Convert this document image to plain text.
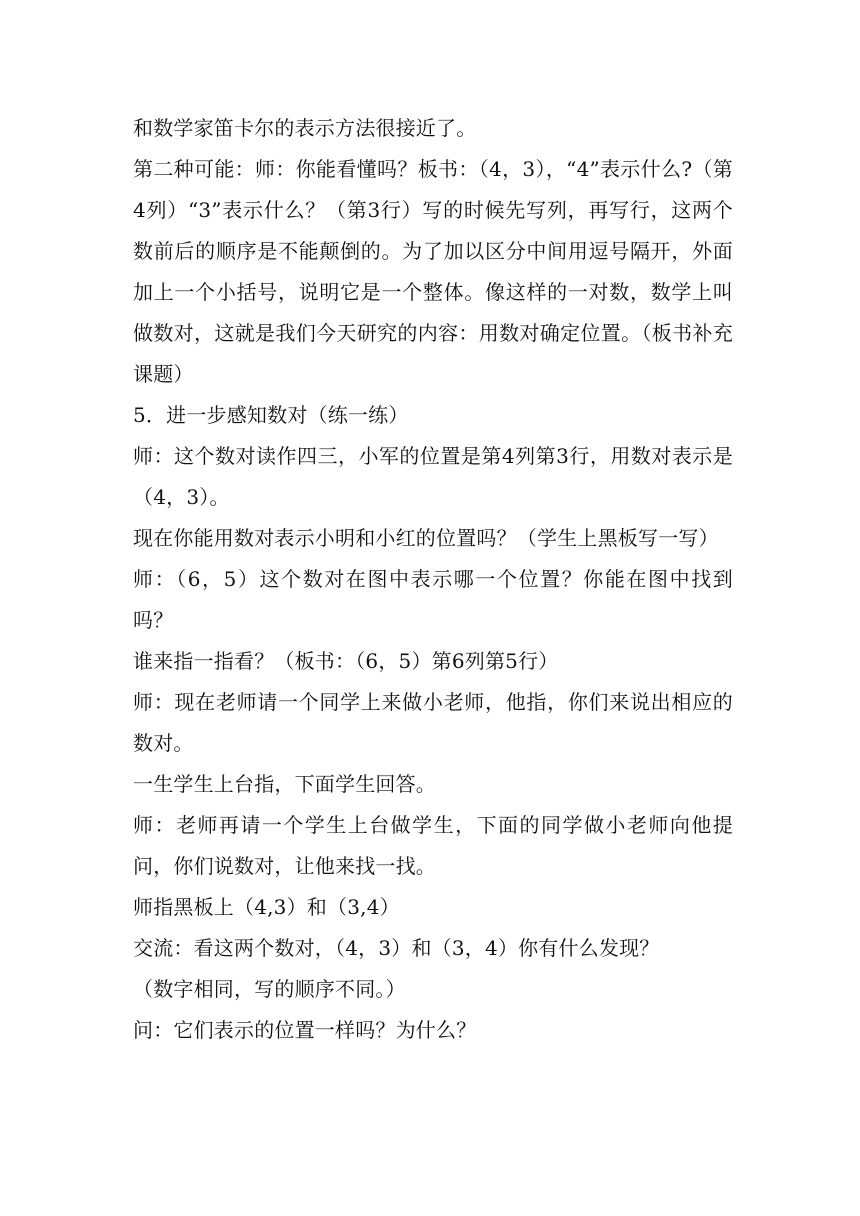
和数学家笛卡尔的表示方法很接近了。

第二种可能：师：你能看懂吗？板书：（4，3），“4”表示什么?（第4列）“3”表示什么？（第3行）写的时候先写列，再写行，这两个数前后的顺序是不能颠倒的。为了加以区分中间用逗号隔开，外面加上一个小括号，说明它是一个整体。像这样的一对数，数学上叫做数对，这就是我们今天研究的内容：用数对确定位置。（板书补充课题）

5．进一步感知数对（练一练）

师：这个数对读作四三，小军的位置是第4列第3行，用数对表示是（4，3）。

现在你能用数对表示小明和小红的位置吗？（学生上黑板写一写）

师：（6，5）这个数对在图中表示哪一个位置？你能在图中找到吗？

谁来指一指看？（板书：（6，5）第6列第5行）

师：现在老师请一个同学上来做小老师，他指，你们来说出相应的数对。

一生学生上台指，下面学生回答。

师：老师再请一个学生上台做学生，下面的同学做小老师向他提问，你们说数对，让他来找一找。

师指黑板上（4,3）和（3,4）

交流：看这两个数对，（4，3）和（3，4）你有什么发现？

（数字相同，写的顺序不同。）

问：它们表示的位置一样吗？为什么？
